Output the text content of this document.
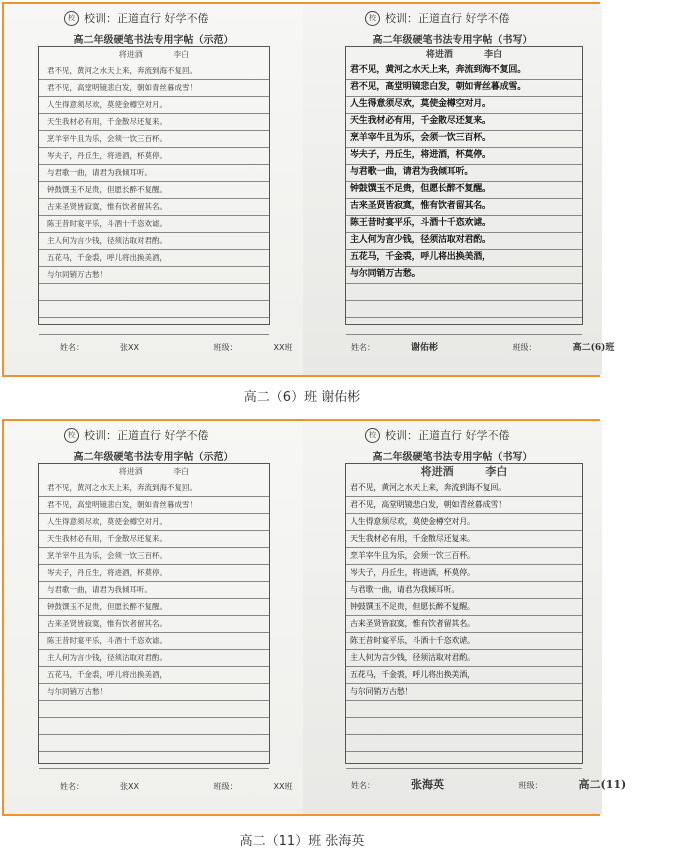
校 校训：正道直行 好学不倦
高二年级硬笔书法专用字帖（示范）
将进酒	李白
君不见，黄河之水天上来，奔流到海不复回。
君不见，高堂明镜悲白发，朝如青丝暮成雪！
人生得意须尽欢，莫使金樽空对月。
天生我材必有用，千金散尽还复来。
烹羊宰牛且为乐，会须一饮三百杯。
岑夫子，丹丘生，将进酒，杯莫停。
与君歌一曲，请君为我倾耳听。
钟鼓馔玉不足贵，但愿长醉不复醒。
古来圣贤皆寂寞，惟有饮者留其名。
陈王昔时宴平乐，斗酒十千恣欢谑。
主人何为言少钱，径须沽取对君酌。
五花马，千金裘，呼儿将出换美酒，
与尔同销万古愁！
姓名：	张XX	班级：	XX班
校 校训：正道直行 好学不倦
高二年级硬笔书法专用字帖（书写）
将进酒	李白
君不见，黄河之水天上来，奔流到海不复回。
君不见，高堂明镜悲白发，朝如青丝暮成雪。
人生得意须尽欢，莫使金樽空对月。
天生我材必有用，千金散尽还复来。
烹羊宰牛且为乐，会须一饮三百杯。
岑夫子，丹丘生，将进酒，杯莫停。
与君歌一曲，请君为我倾耳听。
钟鼓馔玉不足贵，但愿长醉不复醒。
古来圣贤皆寂寞，惟有饮者留其名。
陈王昔时宴平乐，斗酒十千恣欢谑。
主人何为言少钱，径须沽取对君酌。
五花马，千金裘，呼儿将出换美酒，
与尔同销万古愁。
姓名：	谢佑彬	班级：	高二(6)班
高二（6）班 谢佑彬
校 校训：正道直行 好学不倦
高二年级硬笔书法专用字帖（示范）
将进酒	李白
君不见，黄河之水天上来，奔流到海不复回。
君不见，高堂明镜悲白发，朝如青丝暮成雪！
人生得意须尽欢，莫使金樽空对月。
天生我材必有用，千金散尽还复来。
烹羊宰牛且为乐，会须一饮三百杯。
岑夫子，丹丘生，将进酒，杯莫停。
与君歌一曲，请君为我倾耳听。
钟鼓馔玉不足贵，但愿长醉不复醒。
古来圣贤皆寂寞，惟有饮者留其名。
陈王昔时宴平乐，斗酒十千恣欢谑。
主人何为言少钱，径须沽取对君酌。
五花马，千金裘，呼儿将出换美酒，
与尔同销万古愁！
姓名：	张XX	班级：	XX班
校 校训：正道直行 好学不倦
高二年级硬笔书法专用字帖（书写）
将进酒	李白
君不见，黄河之水天上来，奔流到海不复回。
君不见，高堂明镜悲白发，朝如青丝暮成雪！
人生得意须尽欢，莫使金樽空对月。
天生我材必有用，千金散尽还复来。
烹羊宰牛且为乐，会须一饮三百杯。
岑夫子，丹丘生，将进酒，杯莫停。
与君歌一曲，请君为我倾耳听。
钟鼓馔玉不足贵，但愿长醉不复醒。
古来圣贤皆寂寞，惟有饮者留其名。
陈王昔时宴平乐，斗酒十千恣欢谑。
主人何为言少钱，径须沽取对君酌。
五花马，千金裘，呼儿将出换美酒，
与尔同销万古愁！
姓名：	张海英	班级：	高二(11)
高二（11）班 张海英
